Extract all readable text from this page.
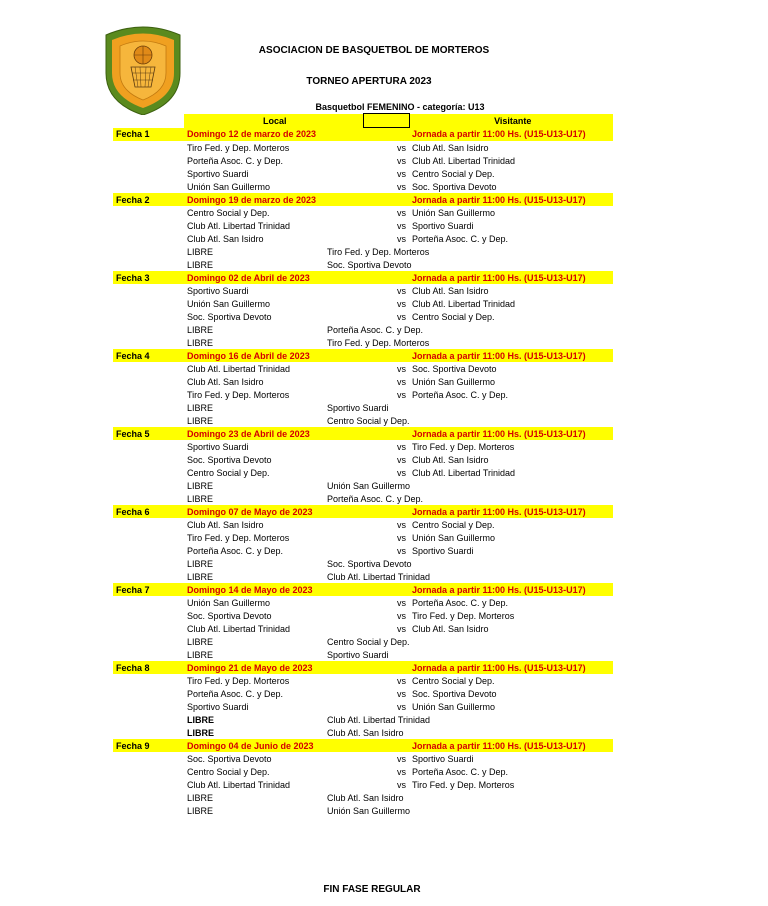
ASOCIACION DE BASQUETBOL DE MORTEROS
TORNEO APERTURA 2023
	Basquetbol FEMENINO - categoría: U13				
	Local				Visitante
Fecha 1	Domingo 12 de marzo de 2023				Jornada a partir 11:00 Hs. (U15-U13-U17)
	Tiro Fed. y Dep. Morteros			vs	Club Atl. San Isidro
	Porteña Asoc. C. y Dep.			vs	Club Atl. Libertad Trinidad
	Sportivo Suardi			vs	Centro Social y Dep.
	Unión San Guillermo			vs	Soc. Sportiva Devoto
Fecha 2	Domingo 19 de marzo de 2023				Jornada a partir 11:00 Hs. (U15-U13-U17)
	Centro Social y Dep.			vs	Unión San Guillermo
	Club Atl. Libertad Trinidad			vs	Sportivo Suardi
	Club Atl. San Isidro			vs	Porteña Asoc. C. y Dep.
	LIBRE	Tiro Fed. y Dep. Morteros			
	LIBRE	Soc. Sportiva Devoto			
Fecha 3	Domingo 02 de Abril de 2023				Jornada a partir 11:00 Hs. (U15-U13-U17)
	Sportivo Suardi			vs	Club Atl. San Isidro
	Unión San Guillermo			vs	Club Atl. Libertad Trinidad
	Soc. Sportiva Devoto			vs	Centro Social y Dep.
	LIBRE	Porteña Asoc. C. y Dep.			
	LIBRE	Tiro Fed. y Dep. Morteros			
Fecha 4	Domingo 16 de Abril de 2023				Jornada a partir 11:00 Hs. (U15-U13-U17)
	Club Atl. Libertad Trinidad			vs	Soc. Sportiva Devoto
	Club Atl. San Isidro			vs	Unión San Guillermo
	Tiro Fed. y Dep. Morteros			vs	Porteña Asoc. C. y Dep.
	LIBRE	Sportivo Suardi			
	LIBRE	Centro Social y Dep.			
Fecha 5	Domingo 23 de Abril de 2023				Jornada a partir 11:00 Hs. (U15-U13-U17)
	Sportivo Suardi			vs	Tiro Fed. y Dep. Morteros
	Soc. Sportiva Devoto			vs	Club Atl. San Isidro
	Centro Social y Dep.			vs	Club Atl. Libertad Trinidad
	LIBRE	Unión San Guillermo			
	LIBRE	Porteña Asoc. C. y Dep.			
Fecha 6	Domingo 07 de Mayo de 2023				Jornada a partir 11:00 Hs. (U15-U13-U17)
	Club Atl. San Isidro			vs	Centro Social y Dep.
	Tiro Fed. y Dep. Morteros			vs	Unión San Guillermo
	Porteña Asoc. C. y Dep.			vs	Sportivo Suardi
	LIBRE	Soc. Sportiva Devoto			
	LIBRE	Club Atl. Libertad Trinidad			
Fecha 7	Domingo 14 de Mayo de 2023				Jornada a partir 11:00 Hs. (U15-U13-U17)
	Unión San Guillermo			vs	Porteña Asoc. C. y Dep.
	Soc. Sportiva Devoto			vs	Tiro Fed. y Dep. Morteros
	Club Atl. Libertad Trinidad			vs	Club Atl. San Isidro
	LIBRE	Centro Social y Dep.			
	LIBRE	Sportivo Suardi			
Fecha 8	Domingo 21 de Mayo de 2023				Jornada a partir 11:00 Hs. (U15-U13-U17)
	Tiro Fed. y Dep. Morteros			vs	Centro Social y Dep.
	Porteña Asoc. C. y Dep.			vs	Soc. Sportiva Devoto
	Sportivo Suardi			vs	Unión San Guillermo
	LIBRE	Club Atl. Libertad Trinidad			
	LIBRE	Club Atl. San Isidro			
Fecha 9	Domingo 04 de Junio de 2023				Jornada a partir 11:00 Hs. (U15-U13-U17)
	Soc. Sportiva Devoto			vs	Sportivo Suardi
	Centro Social y Dep.			vs	Porteña Asoc. C. y Dep.
	Club Atl. Libertad Trinidad			vs	Tiro Fed. y Dep. Morteros
	LIBRE	Club Atl. San Isidro			
	LIBRE	Unión San Guillermo			
FIN FASE REGULAR
